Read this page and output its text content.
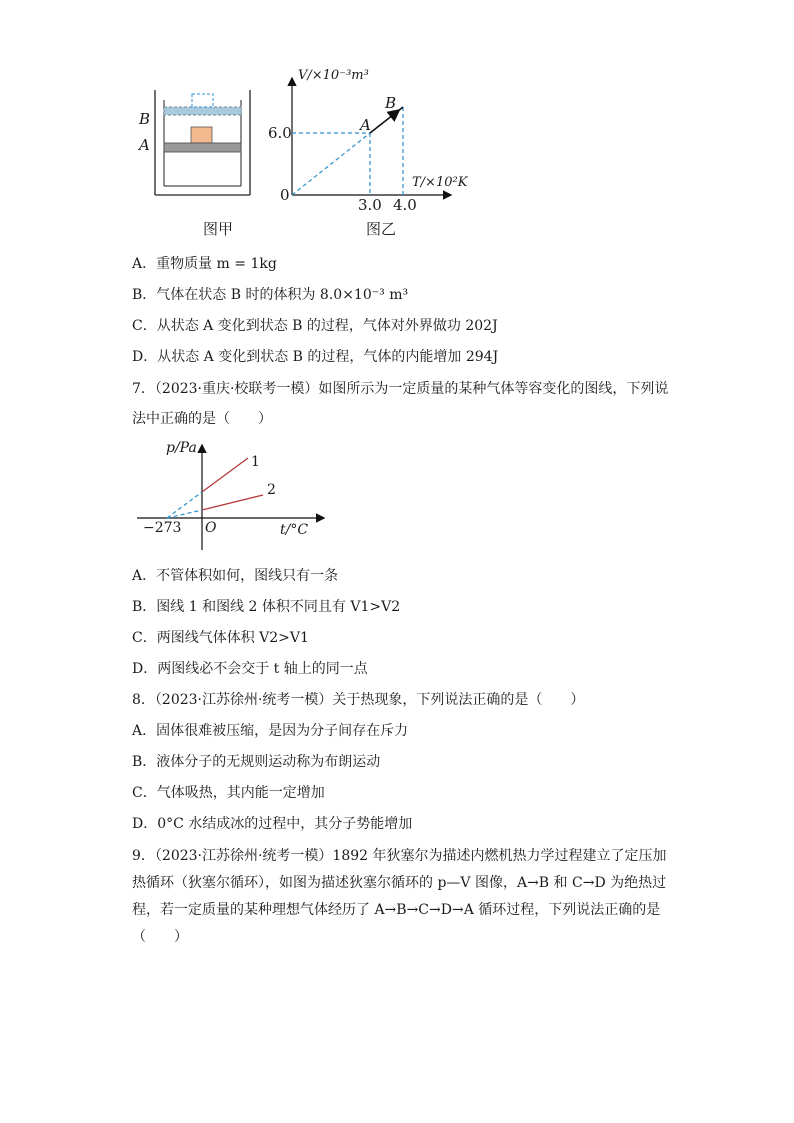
B
A
图甲
V/×10⁻³m³
T/×10²K
6.0
0
3.0 4.0
A
B
图乙
A．重物质量 m = 1kg
B．气体在状态 B 时的体积为 8.0×10⁻³ m³
C．从状态 A 变化到状态 B 的过程，气体对外界做功 202J
D．从状态 A 变化到状态 B 的过程，气体的内能增加 294J
7．（2023·重庆·校联考一模）如图所示为一定质量的某种气体等容变化的图线，下列说
法中正确的是（　　）
p/Pa
1
2
−273 O	t/°C
A．不管体积如何，图线只有一条
B．图线 1 和图线 2 体积不同且有 V1>V2
C．两图线气体体积 V2>V1
D．两图线必不会交于 t 轴上的同一点
8．（2023·江苏徐州·统考一模）关于热现象，下列说法正确的是（　　）
A．固体很难被压缩，是因为分子间存在斥力
B．液体分子的无规则运动称为布朗运动
C．气体吸热，其内能一定增加
D．0°C 水结成冰的过程中，其分子势能增加
9．（2023·江苏徐州·统考一模）1892 年狄塞尔为描述内燃机热力学过程建立了定压加热循环（狄塞尔循环），如图为描述狄塞尔循环的 p—V 图像，A→B 和 C→D 为绝热过程，若一定质量的某种理想气体经历了 A→B→C→D→A 循环过程，下列说法正确的是（　　）
